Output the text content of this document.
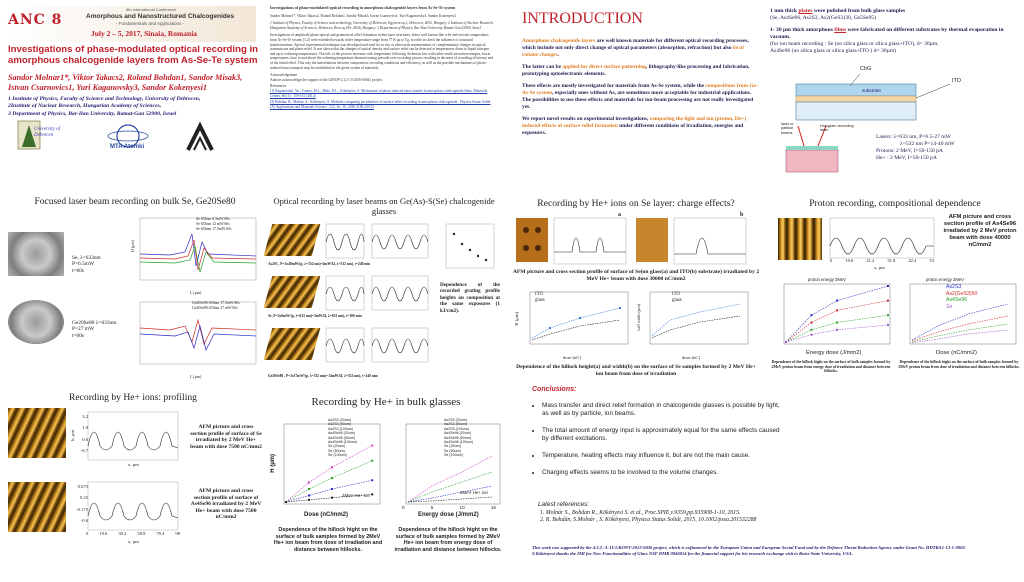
ANC 8
8th International Conference
Amorphous and Nanostructured Chalcogenides
- Fundamentals and Applications -
July 2 – 5, 2017, Sinaia, Romania
Investigations of phase-modulated optical recording in amorphous chalcogenide layers from As-Se-Te system
Sandor Molnar1*, Viktor Takacs2, Roland Bohdan1, Sandor Misak3,
Istvan Csarnovics1, Yuri Kaganovsky3, Sandor Kokenyesi1
1 Institute of Physics, Faculty of Science and Technology, University of Debrecen,
2Institute of Nuclear Research, Hungarian Academy of Sciences,
3 Department of Physics, Bar-Ilan University, Ramat-Gan 52900, Israel
University of Debrecen
MTA Atomki
Investigations of phase-modulated optical recording in amorphous chalcogenide layers from As-Se-Te system
Sandor Molnar1*, Viktor Takacs2, Roland Bohdan1, Sandor Misak3, Istvan Csarnovics1, Yuri Kaganovsky3, Sandor Kokenyesi1
1 Institute of Physics, Faculty of Science and technology, University of Debrecen, Egyetem sq.1, Debrecen, 4032, Hungary. 2 Institute of Nuclear Research, Hungarian Academy of Sciences, Debrecen, Bem sq.18/c, 4026, Hungary. 3 Department of Physics, Bar-Ilan University, Ramat-Gan 52900, Israel
Investigations of amplitude-phase optical and geometrical relief formation in thin layer structures, either well known like a-Se and several compositions from As-Se-Te system [1,2] were extended towards wider temperature range from 77 K up to Tg, in order to check the influence of structural transformations. Special experimental technique was developed and used for in situ or afterwards measurements of complementary changes in optical transmission and phase relief. It was shown that the changes of optical density and surface relief can be detected at temperatures down to liquid nitrogen and up to softening temperatures. The role of the process increases with temperature following Arrhenius law with rather small activation energies, but at temperatures close to and above the softening temperature thermal erasing prevails over recording process resulting in decrease of recording efficiency and of the initial relief. This way the interrelations between composition, recording conditions and efficiency, as well as the possible mechanisms of photo-induced mass transport may be established in the given system of materials.
Acknowledgement
Authors acknowledge the support of the GINOP-2.3.2-15-2016-00041 project.
References
[1] Kaganovskii, Yu., Trunov, M.L., Beke, D.L., Kökényesi, S. Mechanism of photo induced mass transfer in amorphous chalcogenide films. Materials Letters, 66 (1) : 159-161 (2012)
[2] Bohdan, R., Molnar, S., Kökényesi, S. Methods comparing peculiarities of surface-relief recording in amorphous chalcogenide . Physica Status Solidi (A) Applications and Materials Science . 212, Iss. 10, 2186-2190 (2015)
INTRODUCTION

Amorphous chalcogenide layers are well known materials for different optical recording processes, which include not only direct change of optical parameters (absorption, refraction) but also local volume changes.

The latter can be applied for direct surface patterning, lithography-like processing and fabrication, prototyping optoelectronic elements.

These effects are mostly investigated for materials from As-Se system, while the compositions from Ge-As-Se system, especially ones without As, are sometimes more acceptable for industrial applications. The possibilities to use these effects and materials for ion-beam processing are not really investigated yet.

We report novel results on experimental investigations, comparing the light and ion (proton, He+) induced effects of surface relief formation under different conditions of irradiation, energies and exposures.

1 mm thick plates were polished from bulk glass samples
(Se, As4Se96, As2S3, As2(GeS3)30, Ge5Se95)
1- 30 µm thick amorphous films were fabricated on different substrates by thermal evaporation in vacuum.
(for ion beam recording : Se (on silica glass or silica glass+ITO), d= 30µm,
As4Se96 (on silica glass or silica glass+ITO ) d= 30µm)
ChG
substrate
ITO
laser or particle beams
Hologram-recording laser
Lasers: λ=633 nm, P=6.5-27 mW
λ=532 nm P=14-40 mW
Protons: 2 MeV, I=50-150 pA
He+ : 2 MeV, I=50-150 pA
Focused laser beam recording on bulk Se, Ge20Se80
Se, λ=633nm
P=6.5mW
t=60s
Ge20Se80 λ=633nm
P=27 mW
t=60s
Se 633nm 6.5mW 60s
Se 633nm 12 mW 60s
Se 633nm 17.5mW 60s
L (µm)
H (µm)
Ge20Se80 633nm 17.5mW 60s
Ge20Se80 633nm 27 mW 60s
L (µm)
Optical recording by laser beams on Ge(As)-S(Se) chalcogenide glasses
As2S3 , P=2x40mW/(p, λ=532 nm)=4mW/Ω, λ=532 nm), t=240 min
Se ,P=2x6mW/(p, λ=633 nm)=3mW/Ω, λ=633 nm), t=300 min
Ge20Se80 , P=2x17mW/(p, λ=532 nm)=14mW/Ω, λ=532 nm), t=240 min
Dependence of the recorded grating profile heights on composition at the same exposures (1 kJ/cm2).
Recording by He+ ions on Se layer: charge effects?
a	b
AFM picture and cross section profile of surface of Se(on glass(a) and ITO(b) substrate) irradiated by 2 MeV He+ beam with dose 30000 nC/mm2
ITO
glass
dose (nC)
H (µm)
ITO
glass
dose (nC)
half width (µm)
Dependence of the hillock height(a) and width(b) on the surface of Se samples formed by 2 MeV He+ ion beam from dose of irradiation
Proton recording, compositional dependence
0	10.6	21.2	31.8	42.4	53
x, µm
AFM picture and cross section profile of As4Se96 irradiated by 2 MeV proton beam with dose 40000 nC/mm2
proton energy 2MeV
Energy dose (J/mm2)
Dependence of the hillock hight on the surface of bulk samples formed by 2MeV proton beam from energy dose of irradiation and distance between hillocks.
proton energy 2MeV
As2S3
As2(GeS3)50
As4Se96
Se
Dose (nC/mm2)
Dependence of the hillock hight on the surface of bulk samples formed by 2MeV proton beam from dose of irradiation and distance between hillocks.
Recording by He+ ions: profiling
3.2
1.9
0.6
-0.7
h, µm
x, µm
AFM picture and cross section profile of surface of Se irradiated by 2 MeV He+ beam with dose 7500 nC/mm2
0.675
0.25
-0.175
-0.6
0 19.6 39.2 58.8 78.4 98
x, µm
AFM picture and cross section profile of surface of As4Se96 irradiated by 2 MeV He+ beam with dose 7500 nC/mm2
Recording by He+ in bulk glasses
As2S3 (20um)
As2S3 (50um)
As2S3 (100um)
As4Se96 (20um)
As4Se96 (50um)
As4Se96 (100um)
Se (20um)
Se (50um)
Se (100um)
2MeV He+ ion
Dose (nC/mm2)
H (µm)
Dependence of the hillock hight on the surface of bulk samples formed by 2MeV He+ ion beam from dose of irradiation and distance between hillocks.
As2S3 (20um)
As2S3 (50um)
As2S3 (100um)
As4Se96 (20um)
As4Se96 (50um)
As4Se96 (100um)
Se (20um)
Se (50um)
Se (100um)
2MeV He+ ion
0	5	10	15
Energy dose (J/mm2)
Dependence of the hillock hight on the surface of bulk samples formed by 2MeV He+ ion beam from energy dose of irradiation and distance between hillocks.
Conclusions:
• Mass transfer and direct relief formation in chalcogenide glasses is possible by light, as well as by particle, ion beams.
• The total amount of energy input is approximately equal for the same effects caused by different excitations.
• Temperature, heating effects may influence it, but are not the main cause.
• Charging effects seems to be involved to the volume changes.
Latest references:
1. Molnár S., Bohdan R., Kökényesi S. et al., Proc.SPIE,v.9359,pp.935908-1-10, 2015.
2. R. Bohdán, S.Molnár , S. Kökényesi, Physica Status Solidi, 2015, 10.1002/pssa.201532288
This work was supported by the 4.2.2.-A-11/1/KONV-2012-0036 project, which is cofinanced by the European Union and European Social Fund and by the Defence Threat Reduction Agency under Grant No. HDTRA1-13-1-0003. S.Kökényesi thanks the IMI for New Functionalities of Glass NSF DMR 0844014 for the financial support for his research exchange visit to Boise State University, USA.
